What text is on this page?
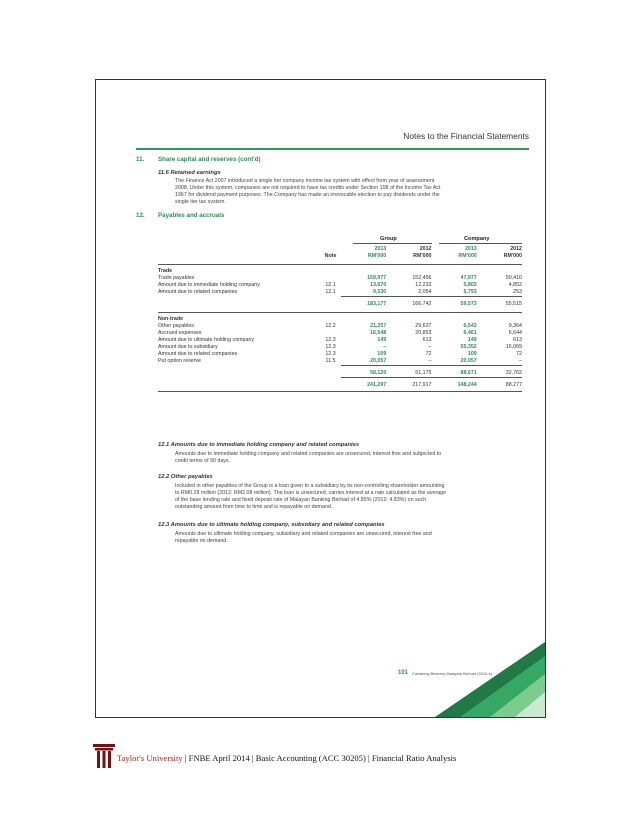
Notes to the Financial Statements
11. Share capital and reserves (cont'd)
11.6 Retained earnings
The Finance Act 2007 introduced a single tier company income tax system with effect from year of assessment
2008. Under this system, companies are not required to have tax credits under Section 108 of the Income Tax Act
1967 for dividend payment purposes. The Company has made an irrevocable election to pay dividends under the
single tier tax system.
12. Payables and accruals
Group	Company
		2013	2012	2013	2012
	Note	RM'000	RM'000	RM'000	RM'000

Trade					
Trade payables		159,977	152,456	47,977	50,410
Amount due to immediate holding company	12.1	13,670	12,232	5,803	4,852
Amount due to related companies	12.1	9,530	2,054	5,793	253

		183,177	166,742	59,573	55,515

Non-trade					
Other payables	12.2	21,257	29,637	6,543	9,364
Accrued expenses		16,548	20,853	6,461	6,644
Amount due to ultimate holding company	12.3	149	613	149	613
Amount due to subsidiary	12.3	–	–	55,352	16,069
Amount due to related companies	12.3	109	72	109	72
Put option reserve	11.5	20,057	–	20,057	–

		58,120	51,175	88,671	32,762

		241,297	217,917	148,244	88,277

12.1 Amounts due to immediate holding company and related companies
Amounts due to immediate holding company and related companies are unsecured, interest free and subjected to
credit terms of 90 days.
12.2 Other payables
Included in other payables of the Group is a loan given to a subsidiary by its non-controlling shareholder amounting
to RM0.28 million (2012: RM2.08 million). The loan is unsecured, carries interest at a rate calculated as the average
of the base lending rate and fixed deposit rate of Malayan Banking Berhad of 4.85% (2012: 4.83%) on such
outstanding amount from time to time and is repayable on demand.
12.3 Amounts due to ultimate holding company, subsidiary and related companies
Amounts due to ultimate holding company, subsidiary and related companies are unsecured, interest free and
repayable on demand.
101 Carlsberg Brewery Malaysia Berhad (9210-k)
Taylor's University | FNBE April 2014 | Basic Accounting (ACC 30205) | Financial Ratio Analysis
